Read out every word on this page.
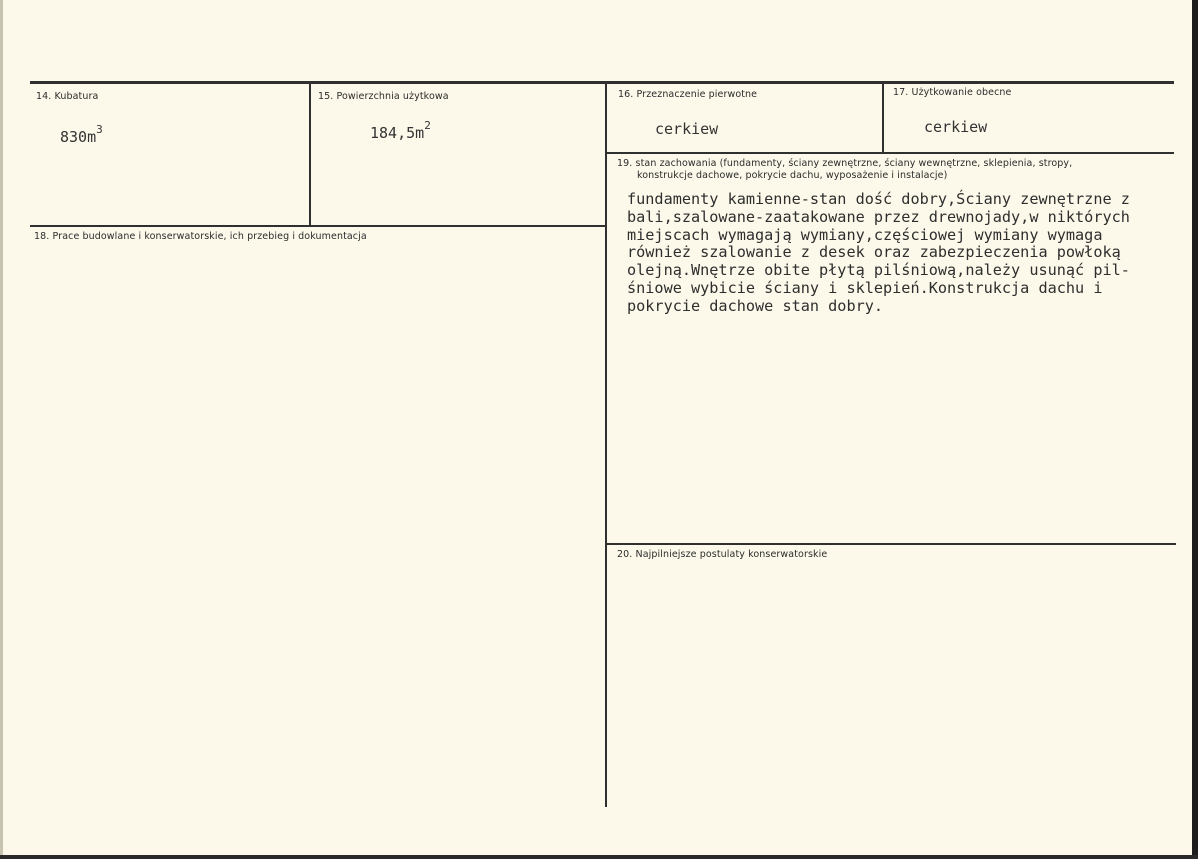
14. Kubatura
$830m^3$
15. Powierzchnia użytkowa
$184,5m^2$
16. Przeznaczenie pierwotne
cerkiew
17. Użytkowanie obecne
cerkiew
18. Prace budowlane i konserwatorskie, ich przebieg i dokumentacja
19. stan zachowania (fundamenty, ściany zewnętrzne, ściany wewnętrzne, sklepienia, stropy,
konstrukcje dachowe, pokrycie dachu, wyposażenie i instalacje)
fundamenty kamienne-stan dość dobry,Ściany zewnętrzne z
bali,szalowane-zaatakowane przez drewnojady,w niktórych
miejscach wymagają wymiany,częściowej wymiany wymaga
również szalowanie z desek oraz zabezpieczenia powłoką
olejną.Wnętrze obite płytą pilśniową,należy usunąć pil-
śniowe wybicie ściany i sklepień.Konstrukcja dachu i
pokrycie dachowe stan dobry.
20. Najpilniejsze postulaty konserwatorskie
